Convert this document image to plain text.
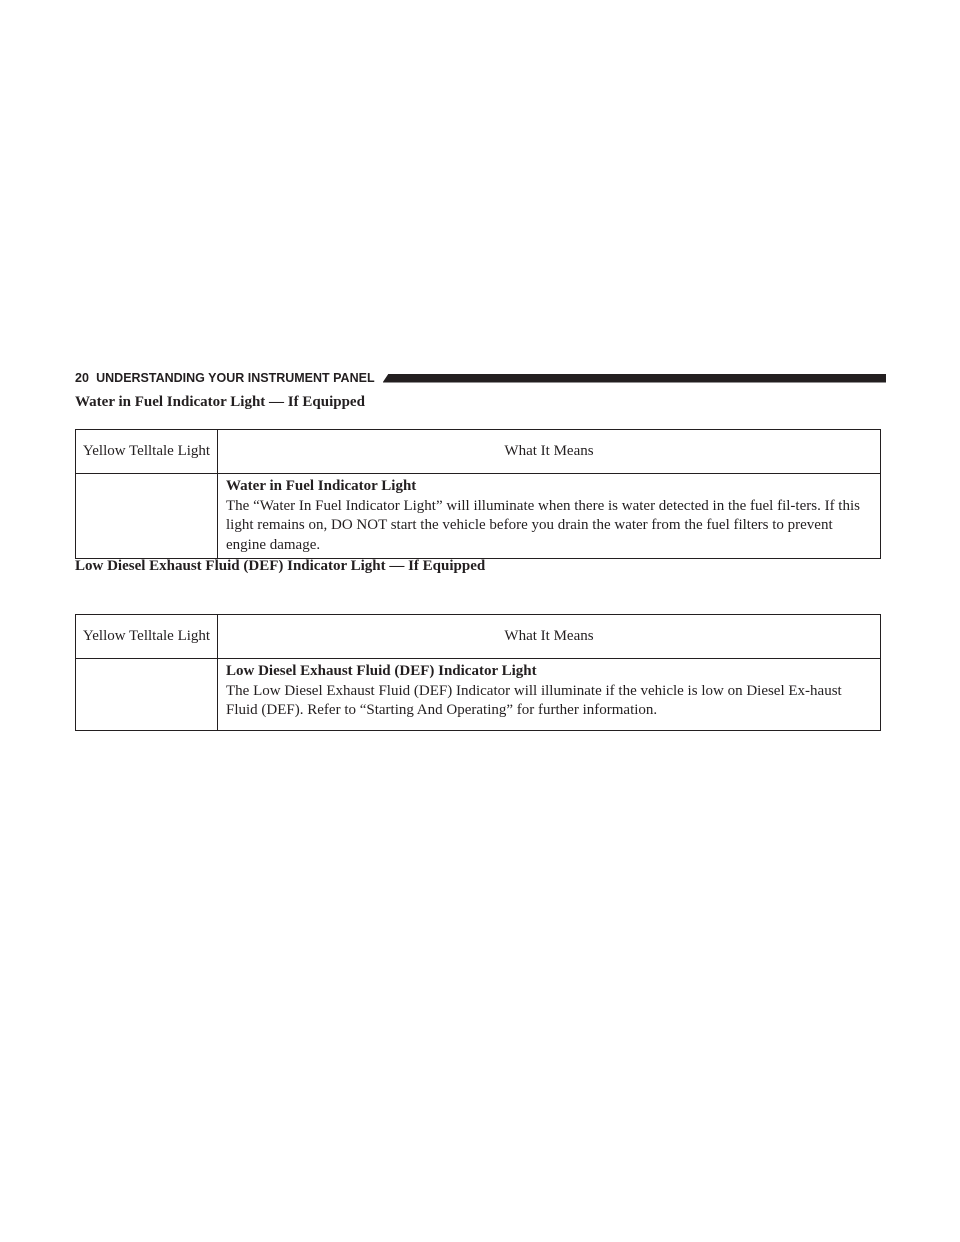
20 UNDERSTANDING YOUR INSTRUMENT PANEL
Water in Fuel Indicator Light — If Equipped
Yellow Telltale Light	What It Means

	Water in Fuel Indicator Light
The “Water In Fuel Indicator Light” will illuminate when there is water detected in the fuel fil-ters. If this light remains on, DO NOT start the vehicle before you drain the water from the fuel filters to prevent engine damage.
Low Diesel Exhaust Fluid (DEF) Indicator Light — If Equipped
Yellow Telltale Light	What It Means

	Low Diesel Exhaust Fluid (DEF) Indicator Light
The Low Diesel Exhaust Fluid (DEF) Indicator will illuminate if the vehicle is low on Diesel Ex-haust Fluid (DEF). Refer to “Starting And Operating” for further information.
